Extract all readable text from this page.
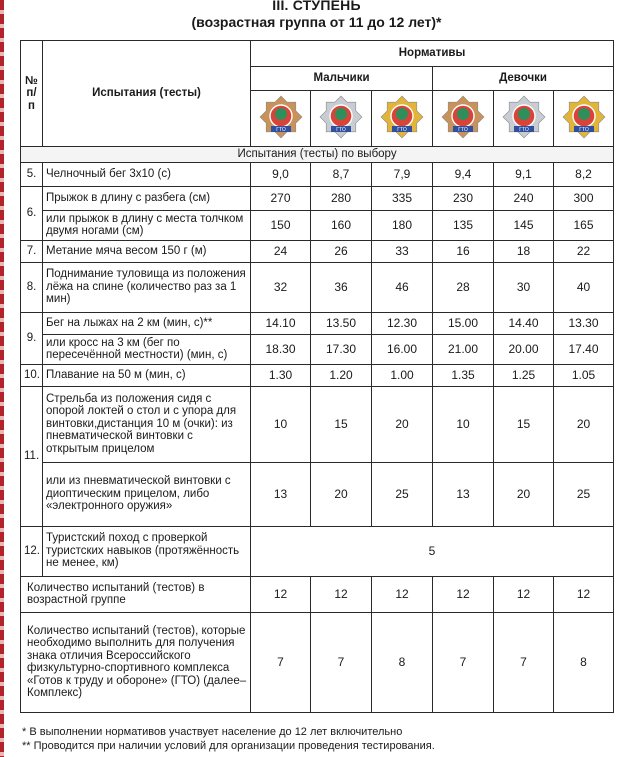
III. СТУПЕНЬ
(возрастная группа от 11 до 12 лет)*
№
п/п	Испытания (тесты)	Нормативы					
		Мальчики			Девочки		

ГТО	ГТО	ГТО	ГТО	ГТО	ГТО

Испытания (тесты) по выбору							
5.	Челночный бег 3x10 (с)	9,0	8,7	7,9	9,4	9,1	8,2
6.	Прыжок в длину с разбега (см)	270	280	335	230	240	300
	или прыжок в длину с места толчком двумя ногами (см)	150	160	180	135	145	165
7.	Метание мяча весом 150 г (м)	24	26	33	16	18	22
8.	Поднимание туловища из положения лёжа на спине (количество раз за 1 мин)	32	36	46	28	30	40
9.	Бег на лыжах на 2 км (мин, с)**	14.10	13.50	12.30	15.00	14.40	13.30
	или кросс на 3 км (бег по пересечённой местности) (мин, с)	18.30	17.30	16.00	21.00	20.00	17.40
10.	Плавание на 50 м (мин, с)	1.30	1.20	1.00	1.35	1.25	1.05
11.	Стрельба из положения сидя с опорой локтей о стол и с упора для винтовки,дистанция 10 м (очки): из пневматической винтовки с открытым прицелом	10	15	20	10	15	20
	или из пневматической винтовки с диоптическим прицелом, либо «электронного оружия»	13	20	25	13	20	25
12.	Туристский поход с проверкой туристских навыков (протяжённость не менее, км)	5					
Количество испытаний (тестов) в возрастной группе		12	12	12	12	12	12
Количество испытаний (тестов), которые необходимо выполнить для получения знака отличия Всероссийского физкультурно-спортивного комплекса «Готов к труду и обороне» (ГТО) (далее–Комплекс)		7	7	8	7	7	8
* В выполнении нормативов участвует население до 12 лет включительно
** Проводится при наличии условий для организации проведения тестирования.
